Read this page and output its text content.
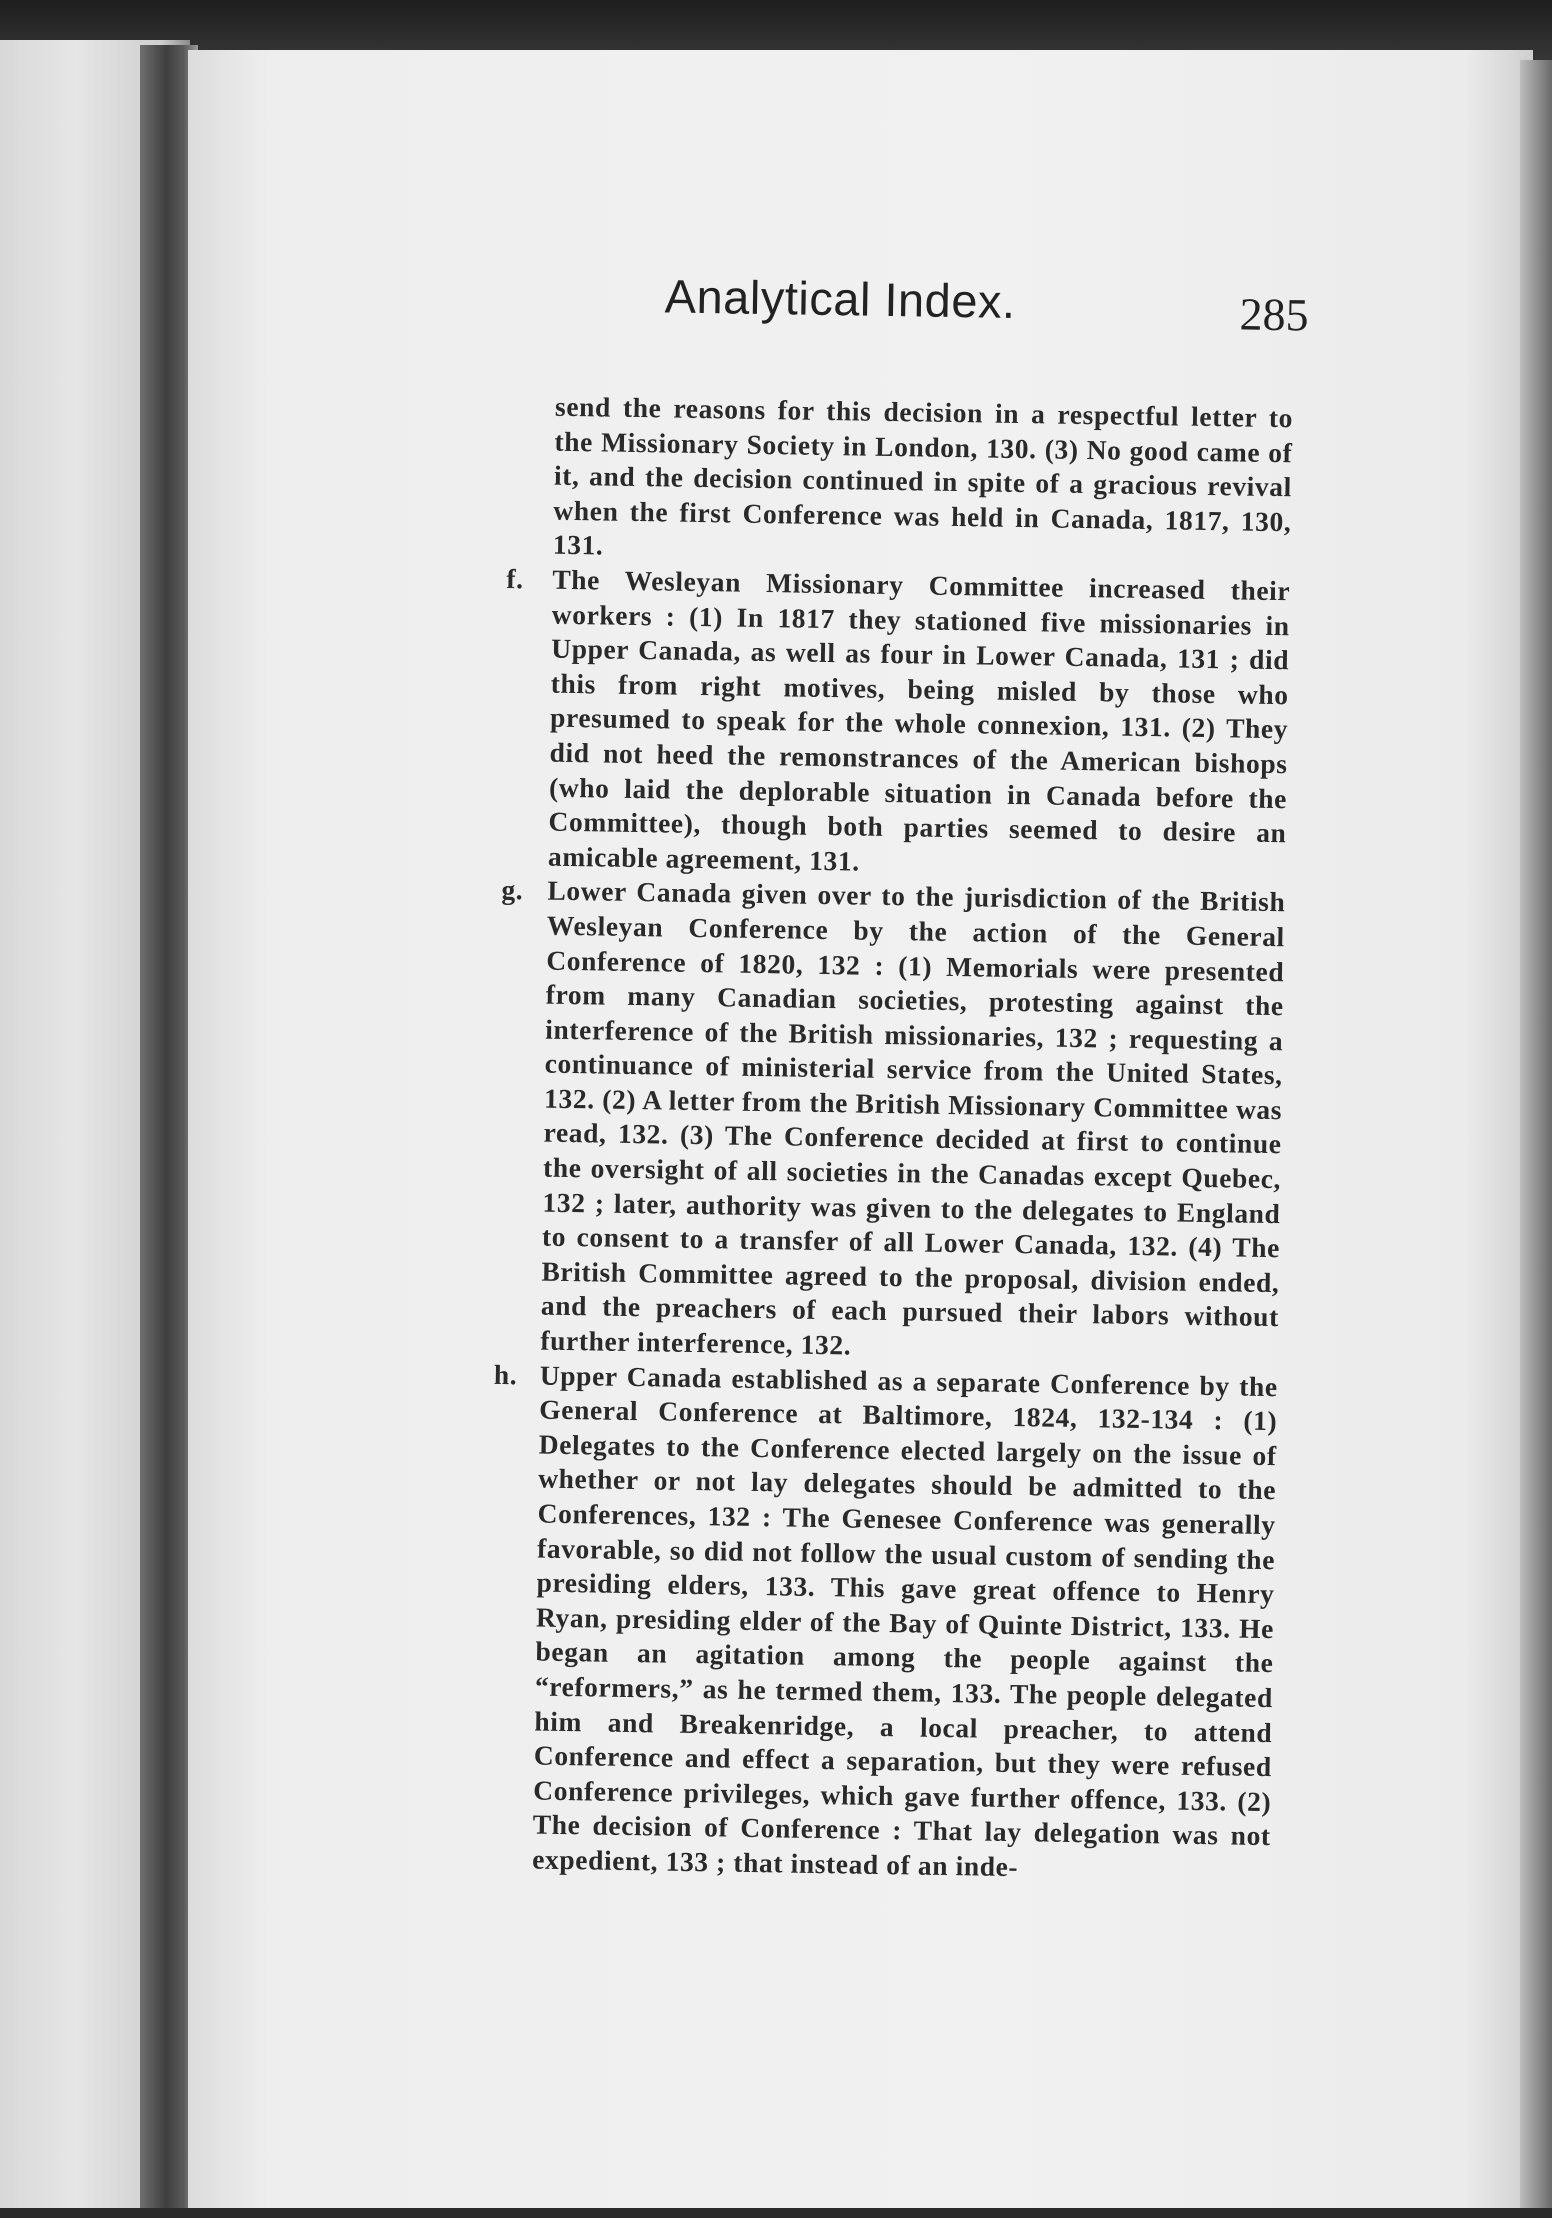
Analytical Index.	285

send the reasons for this decision in a respectful letter to the Missionary Society in London, 130. (3) No good came of it, and the decision continued in spite of a gracious revival when the first Conference was held in Canada, 1817, 130, 131.

f. The Wesleyan Missionary Committee increased their workers : (1) In 1817 they stationed five missionaries in Upper Canada, as well as four in Lower Canada, 131 ; did this from right motives, being misled by those who presumed to speak for the whole connexion, 131. (2) They did not heed the remonstrances of the American bishops (who laid the deplorable situation in Canada before the Committee), though both parties seemed to desire an amicable agreement, 131.

g. Lower Canada given over to the jurisdiction of the British Wesleyan Conference by the action of the General Conference of 1820, 132 : (1) Memorials were presented from many Canadian societies, protesting against the interference of the British missionaries, 132 ; requesting a continuance of ministerial service from the United States, 132. (2) A letter from the British Missionary Committee was read, 132. (3) The Conference decided at first to continue the oversight of all societies in the Canadas except Quebec, 132 ; later, authority was given to the delegates to England to consent to a transfer of all Lower Canada, 132. (4) The British Committee agreed to the proposal, division ended, and the preachers of each pursued their labors without further interference, 132.

h. Upper Canada established as a separate Conference by the General Conference at Baltimore, 1824, 132-134 : (1) Delegates to the Conference elected largely on the issue of whether or not lay delegates should be admitted to the Conferences, 132 : The Genesee Conference was generally favorable, so did not follow the usual custom of sending the presiding elders, 133. This gave great offence to Henry Ryan, presiding elder of the Bay of Quinte District, 133. He began an agitation among the people against the “reformers,” as he termed them, 133. The people delegated him and Breakenridge, a local preacher, to attend Conference and effect a separation, but they were refused Conference privileges, which gave further offence, 133. (2) The decision of Conference : That lay delegation was not expedient, 133 ; that instead of an inde-
